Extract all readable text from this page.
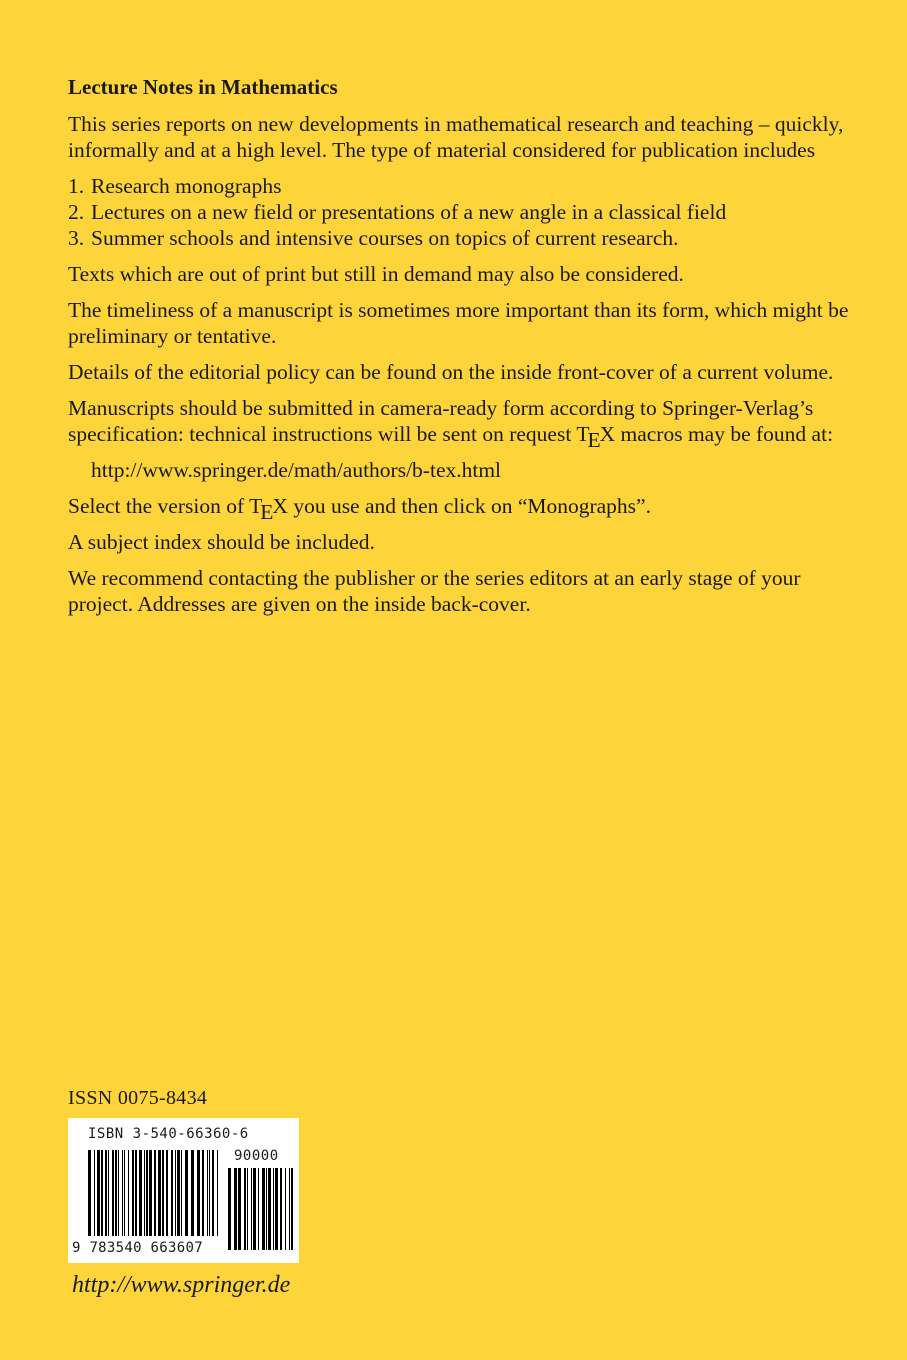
Lecture Notes in Mathematics

This series reports on new developments in mathematical research and teaching – quickly, informally and at a high level. The type of material considered for publication includes

1. Research monographs
2. Lectures on a new field or presentations of a new angle in a classical field
3. Summer schools and intensive courses on topics of current research.

Texts which are out of print but still in demand may also be considered.

The timeliness of a manuscript is sometimes more important than its form, which might be preliminary or tentative.

Details of the editorial policy can be found on the inside front-cover of a current volume.

Manuscripts should be submitted in camera-ready form according to Springer-Verlag’s specification: technical instructions will be sent on request TEX macros may be found at:

http://www.springer.de/math/authors/b-tex.html

Select the version of TEX you use and then click on “Monographs”.

A subject index should be included.

We recommend contacting the publisher or the series editors at an early stage of your project. Addresses are given on the inside back-cover.

ISSN 0075-8434
ISBN 3-540-66360-6
90000
9 783540 663607
http://www.springer.de
